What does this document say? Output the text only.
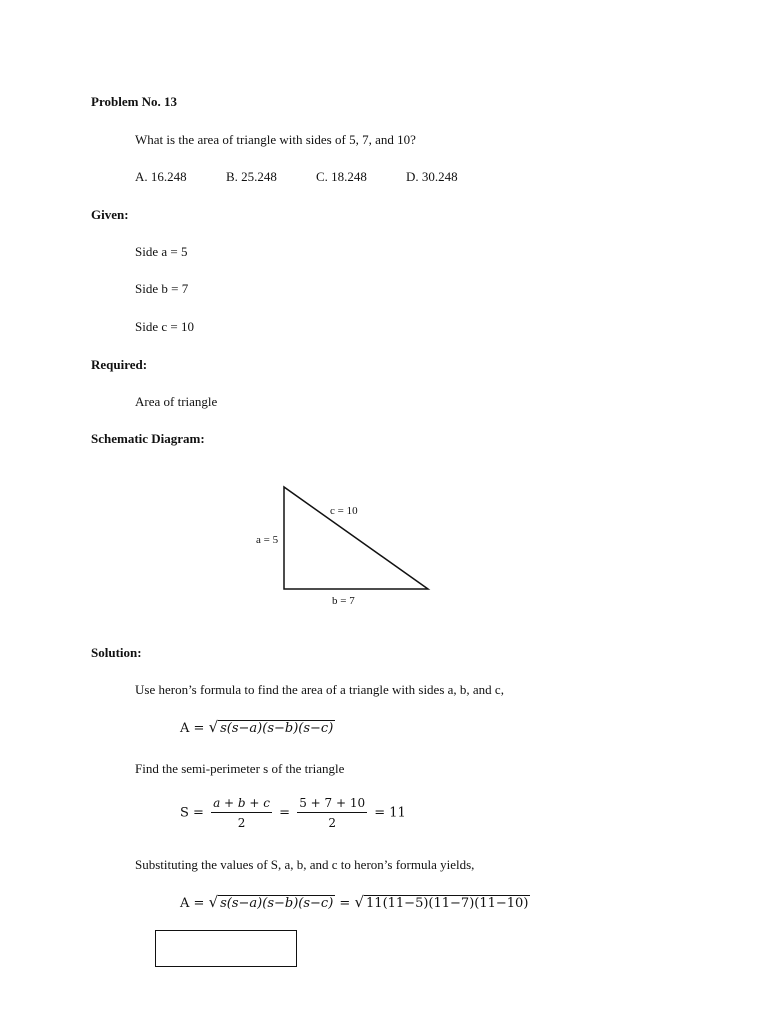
Problem No. 13
What is the area of triangle with sides of 5, 7, and 10?
A. 16.248	B. 25.248	C. 18.248	D. 30.248
Given:
Side a = 5
Side b = 7
Side c = 10
Required:
Area of triangle
Schematic Diagram:
a = 5
c = 10
b = 7
Solution:
Use heron’s formula to find the area of a triangle with sides a, b, and c,
A = √ s(s−a)(s−b)(s−c)
Find the semi-perimeter s of the triangle
$S = \frac{a + b + c}{2} = \frac{5 + 7 + 10}{2} = 11$
Substituting the values of S, a, b, and c to heron’s formula yields,
A = √ s(s−a)(s−b)(s−c) = √ 11(11−5)(11−7)(11−10)
